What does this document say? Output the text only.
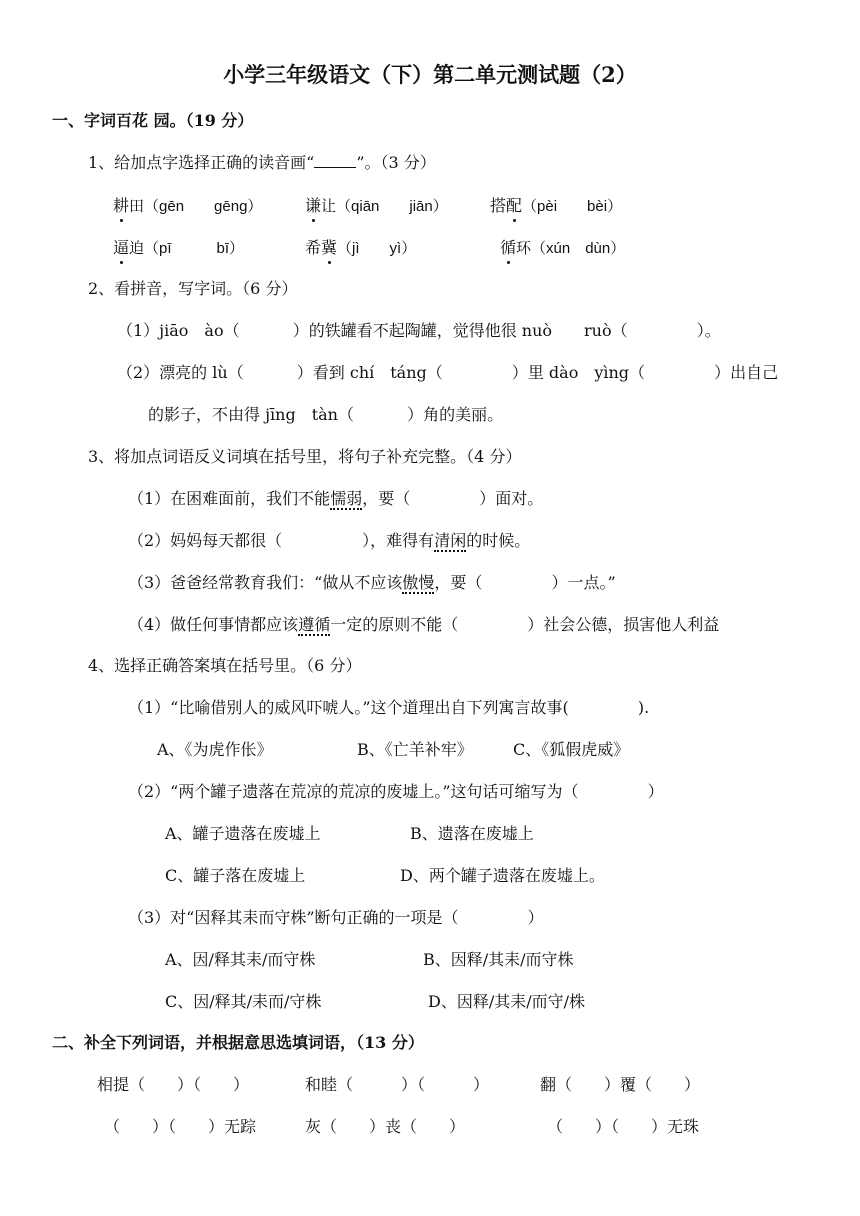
小学三年级语文（下）第二单元测试题（2）
一、字词百花 园。（19 分）
1、给加点字选择正确的读音画“	”。（3 分）
耕田（gēn　　gēng）	谦让（qiān　　jiān）	搭配（pèi　　bèi）
逼迫（pī　　　bī）	希冀（jì　　yì）	循环（xún　dùn）
2、看拼音，写字词。（6 分）
（1）jiāo　ào（　　　 ）的铁罐看不起陶罐，觉得他很 nuò　　ruò（　　　　 ）。
（2）漂亮的 lù（　　　 ）看到 chí　táng（　　　　 ）里 dào　yìng（　　　　 ）出自己
的影子，不由得 jīng　tàn（　　　 ）角的美丽。
3、将加点词语反义词填在括号里，将句子补充完整。（4 分）
（1）在困难面前，我们不能懦弱，要（　　　　 ）面对。
（2）妈妈每天都很（　　　　　），难得有清闲的时候。
（3）爸爸经常教育我们：“做从不应该傲慢，要（　　　　 ）一点。”
（4）做任何事情都应该遵循一定的原则不能（　　　　 ）社会公德，损害他人利益
4、选择正确答案填在括号里。（6 分）
（1）“比喻借别人的威风吓唬人。”这个道理出自下列寓言故事(　　　　 ).
A、《为虎作伥》	B、《亡羊补牢》	C、《狐假虎威》
（2）“两个罐子遗落在荒凉的荒凉的废墟上。”这句话可缩写为（　　　　 ）
A、罐子遗落在废墟上	B、遗落在废墟上
C、罐子落在废墟上	D、两个罐子遗落在废墟上。
（3）对“因释其耒而守株”断句正确的一项是（　　　　 ）
A、因/释其耒/而守株	B、因释/其耒/而守株
C、因/释其/耒而/守株	D、因释/其耒/而守/株
二、补全下列词语，并根据意思选填词语，（13 分）
相提（　　）（　　）	和睦（　　　）（　　　）	翻（　　）覆（　　）
（　　）（　　）无踪	灰（　　）丧（　　）	（　　）（　　）无珠
